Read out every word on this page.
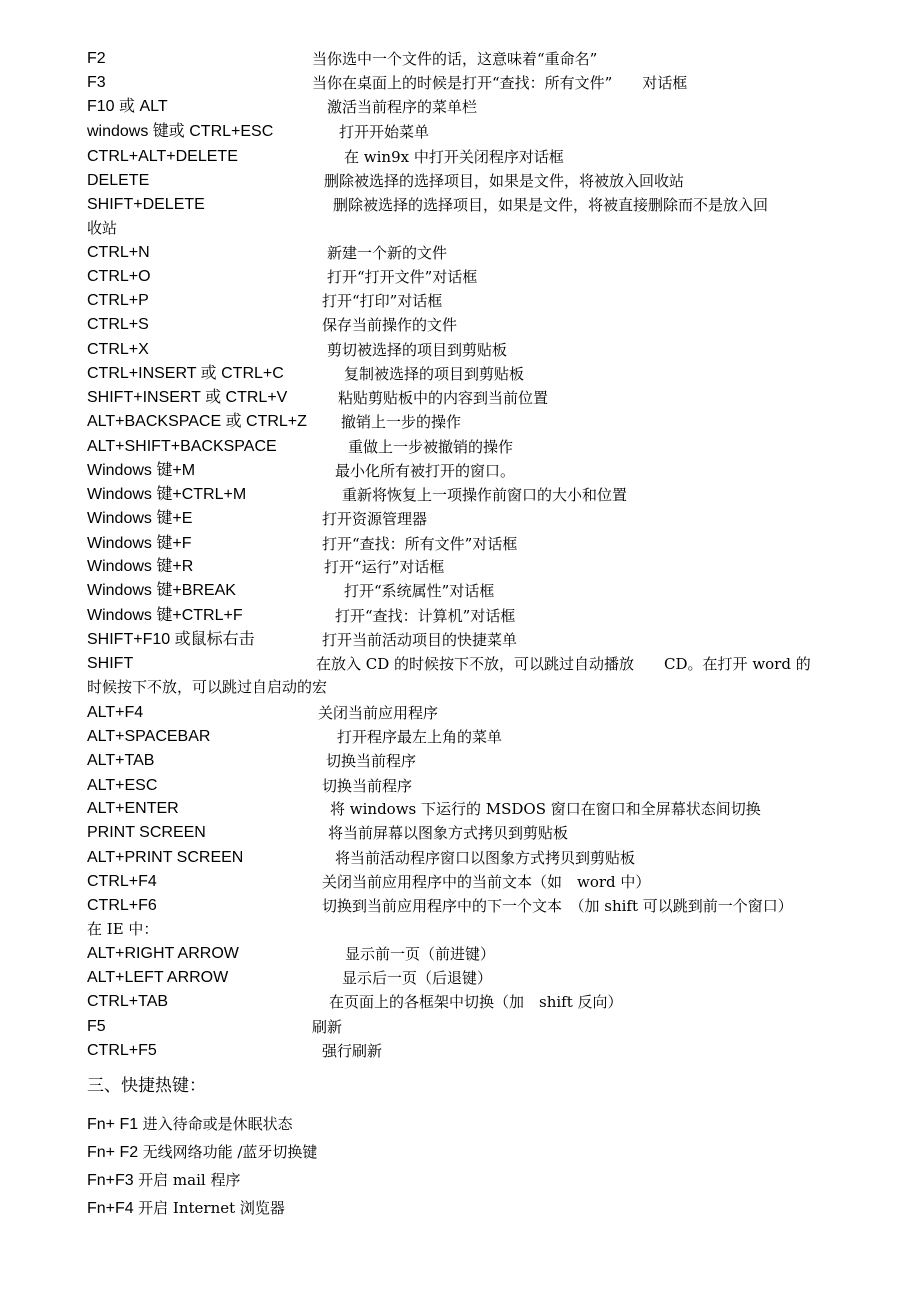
F2	当你选中一个文件的话，这意味着“重命名”
F3	当你在桌面上的时候是打开“查找：所有文件”　　对话框
F10 或 ALT	激活当前程序的菜单栏
windows 键或 CTRL+ESC	打开开始菜单
CTRL+ALT+DELETE	在 win9x 中打开关闭程序对话框
DELETE	删除被选择的选择项目，如果是文件，将被放入回收站
SHIFT+DELETE	删除被选择的选择项目，如果是文件，将被直接删除而不是放入回
收站
CTRL+N	新建一个新的文件
CTRL+O	打开“打开文件”对话框
CTRL+P	打开“打印”对话框
CTRL+S	保存当前操作的文件
CTRL+X	剪切被选择的项目到剪贴板
CTRL+INSERT 或 CTRL+C	复制被选择的项目到剪贴板
SHIFT+INSERT 或 CTRL+V	粘贴剪贴板中的内容到当前位置
ALT+BACKSPACE 或 CTRL+Z 撤销上一步的操作
ALT+SHIFT+BACKSPACE	重做上一步被撤销的操作
Windows 键+M	最小化所有被打开的窗口。
Windows 键+CTRL+M	重新将恢复上一项操作前窗口的大小和位置
Windows 键+E	打开资源管理器
Windows 键+F	打开“查找：所有文件”对话框
Windows 键+R	打开“运行”对话框
Windows 键+BREAK	打开“系统属性”对话框
Windows 键+CTRL+F	打开“查找：计算机”对话框
SHIFT+F10 或鼠标右击	打开当前活动项目的快捷菜单
SHIFT	在放入 CD 的时候按下不放，可以跳过自动播放　　CD。在打开 word 的
时候按下不放，可以跳过自启动的宏
ALT+F4	关闭当前应用程序
ALT+SPACEBAR	打开程序最左上角的菜单
ALT+TAB	切换当前程序
ALT+ESC	切换当前程序
ALT+ENTER	将 windows 下运行的 MSDOS 窗口在窗口和全屏幕状态间切换
PRINT SCREEN	将当前屏幕以图象方式拷贝到剪贴板
ALT+PRINT SCREEN	将当前活动程序窗口以图象方式拷贝到剪贴板
CTRL+F4	关闭当前应用程序中的当前文本（如　word 中）
CTRL+F6	切换到当前应用程序中的下一个文本　（加 shift 可以跳到前一个窗口）
在 IE 中：
ALT+RIGHT ARROW	显示前一页（前进键）
ALT+LEFT ARROW	显示后一页（后退键）
CTRL+TAB	在页面上的各框架中切换（加　shift 反向）
F5	刷新
CTRL+F5	强行刷新
三、快捷热键：
Fn+ F1 进入待命或是休眠状态
Fn+ F2 无线网络功能 /蓝牙切换键
Fn+F3 开启 mail 程序
Fn+F4 开启 Internet 浏览器
